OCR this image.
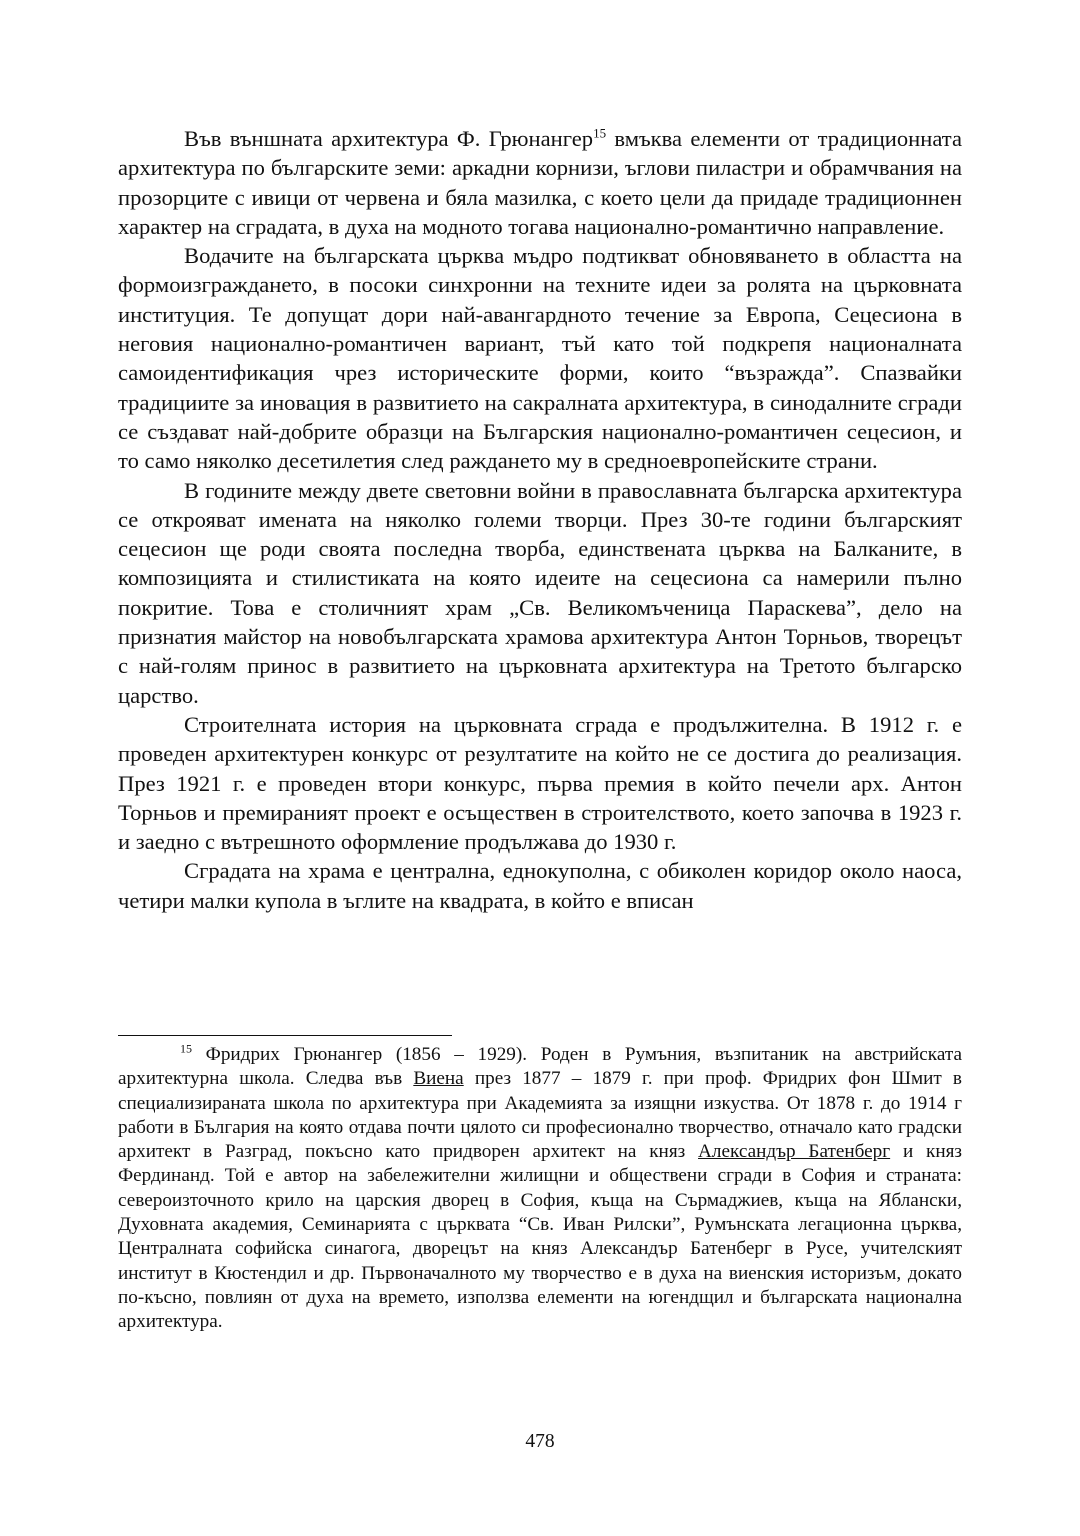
Във външната архитектура Ф. Грюнангер$^{15}$ вмъква елементи от традиционната архитектура по българските земи: аркадни корнизи, ъглови пиластри и обрамчвания на прозорците с ивици от червена и бяла мазилка, с което цели да придаде традиционнен характер на сградата, в духа на модното тогава национално-романтично направление.

Водачите на българската църква мъдро подтикват обновяването в областта на формоизграждането, в посоки синхронни на техните идеи за ролята на църковната институция. Те допущат дори най-авангардното течение за Европа, Сецесиона в неговия национално-романтичен вариант, тъй като той подкрепя националната самоидентификация чрез историческите форми, които “възражда”. Спазвайки традициите за иновация в развитието на сакралната архитектура, в синодалните сгради се създават най-добрите образци на Българския национално-романтичен сецесион, и то само няколко десетилетия след раждането му в средноевропейските страни.

В годините между двете световни войни в православната българска архитектура се открояват имената на няколко големи творци. През 30-те години българският сецесион ще роди своята последна творба, единствената църква на Балканите, в композицията и стилистиката на която идеите на сецесиона са намерили пълно покритие. Това е столичният храм „Св. Великомъченица Параскева”, дело на признатия майстор на новобългарската храмова архитектура Антон Торньов, творецът с най-голям принос в развитието на църковната архитектура на Третото българско царство.

Строителната история на църковната сграда е продължителна. В 1912 г. е проведен архитектурен конкурс от резултатите на който не се достига до реализация. През 1921 г. е проведен втори конкурс, първа премия в който печели арх. Антон Торньов и премираният проект е осъществен в строителството, което започва в 1923 г. и заедно с вътрешното оформление продължава до 1930 г.

Сградата на храма е централна, еднокуполна, с обиколен коридор около наоса, четири малки купола в ъглите на квадрата, в който е вписан

$^{15}$ Фридрих Грюнангер (1856 – 1929). Роден в Румъния, възпитаник на австрийската архитектурна школа. Следва във Виена през 1877 – 1879 г. при проф. Фридрих фон Шмит в специализираната школа по архитектура при Академията за изящни изкуства. От 1878 г. до 1914 г работи в България на която отдава почти цялото си професионално творчество, отначало като градски архитект в Разград, покъсно като придворен архитект на княз Александър Батенберг и княз Фердинанд. Той е автор на забележителни жилищни и обществени сгради в София и страната: североизточното крило на царския дворец в София, къща на Сърмаджиев, къща на Яблански, Духовната академия, Семинарията с църквата “Св. Иван Рилски”, Румънската легационна църква, Централната софийска синагога, дворецът на княз Александър Батенберг в Русе, учителският институт в Кюстендил и др. Първоначалното му творчество е в духа на виенския историзъм, докато по-късно, повлиян от духа на времето, използва елементи на югендщил и българската национална архитектура.

478
